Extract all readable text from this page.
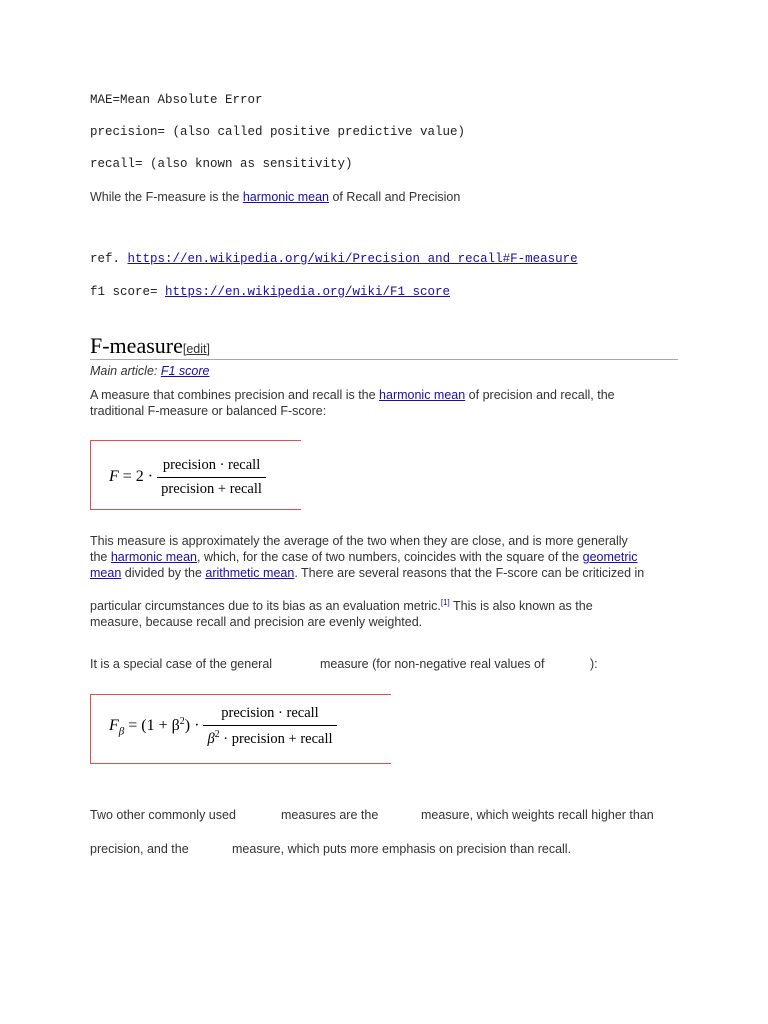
MAE=Mean Absolute Error
precision= (also called positive predictive value)
recall= (also known as sensitivity)
While the F-measure is the harmonic mean of Recall and Precision
ref. https://en.wikipedia.org/wiki/Precision_and_recall#F-measure
f1 score= https://en.wikipedia.org/wiki/F1_score
F-measure[edit]
Main article: F1 score
A measure that combines precision and recall is the harmonic mean of precision and recall, the
traditional F-measure or balanced F-score:
$F = 2 \cdot \frac{\text{precision · recall}}{\text{precision + recall}}$
This measure is approximately the average of the two when they are close, and is more generally
the harmonic mean, which, for the case of two numbers, coincides with the square of the geometric
mean divided by the arithmetic mean. There are several reasons that the F-score can be criticized in
particular circumstances due to its bias as an evaluation metric.[1] This is also known as the
measure, because recall and precision are evenly weighted.
It is a special case of the general	measure (for non-negative real values of	):
$F_\beta = (1 + \beta^2) \cdot \frac{\text{precision · recall}}{\beta^2 \cdot precision + recall}$
Two other commonly used	measures are the	measure, which weights recall higher than
precision, and the	measure, which puts more emphasis on precision than recall.
